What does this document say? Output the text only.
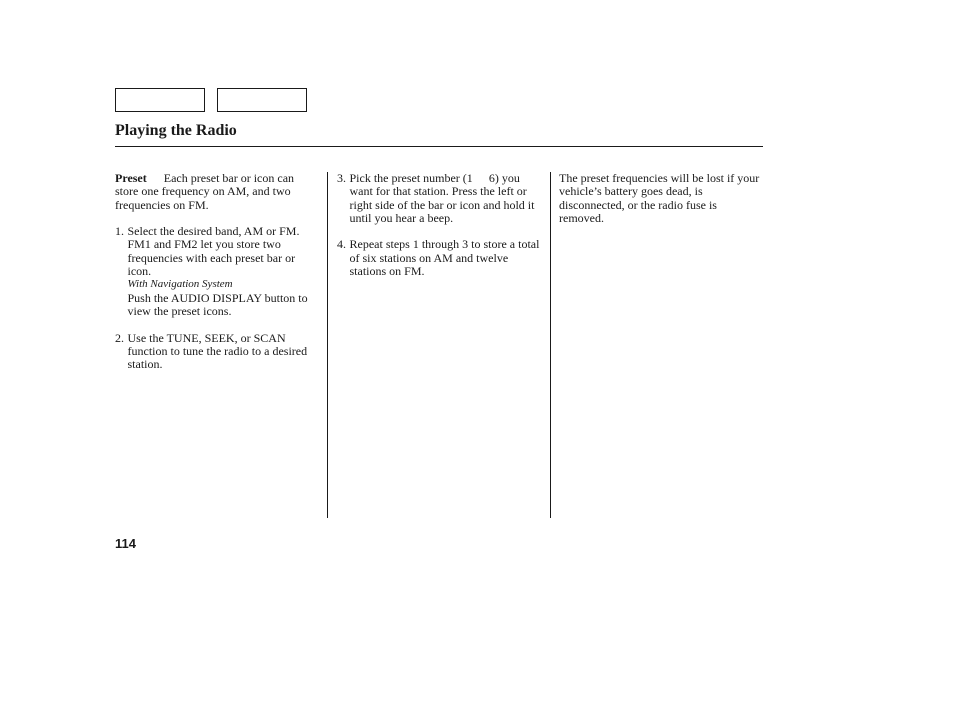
Playing the Radio

Preset Each preset bar or icon can store one frequency on AM, and two frequencies on FM.

1. Select the desired band, AM or FM. FM1 and FM2 let you store two frequencies with each preset bar or icon.

With Navigation System

Push the AUDIO DISPLAY button to view the preset icons.

2. Use the TUNE, SEEK, or SCAN function to tune the radio to a desired station.

3. Pick the preset number (1 6) you want for that station. Press the left or right side of the bar or icon and hold it until you hear a beep.

4. Repeat steps 1 through 3 to store a total of six stations on AM and twelve stations on FM.

The preset frequencies will be lost if your vehicle’s battery goes dead, is disconnected, or the radio fuse is removed.

114
